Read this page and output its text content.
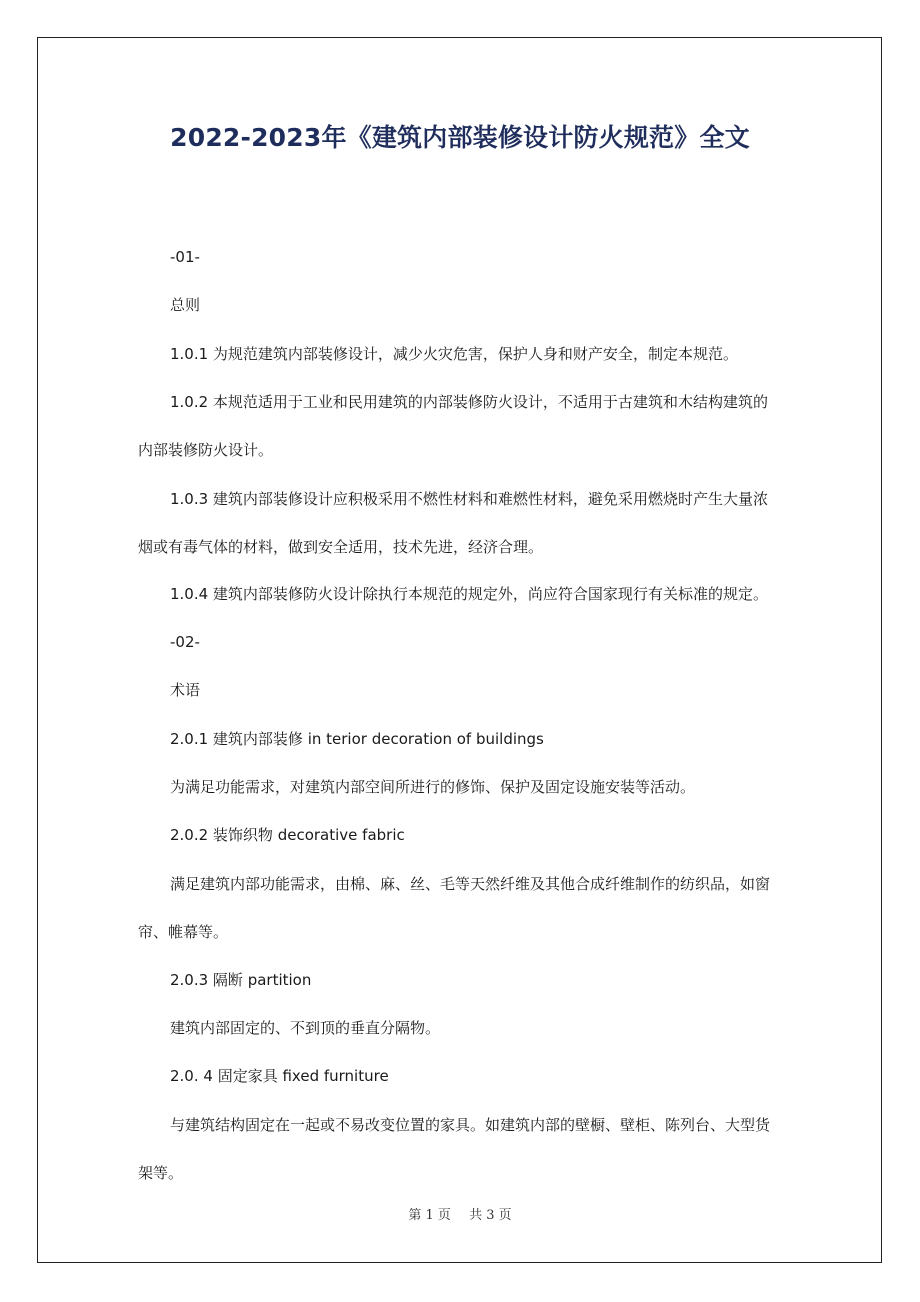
2022-2023年《建筑内部装修设计防火规范》全文
-01-
总则
1.0.1 为规范建筑内部装修设计，减少火灾危害，保护人身和财产安全，制定本规范。
1.0.2 本规范适用于工业和民用建筑的内部装修防火设计，不适用于古建筑和木结构建筑的
内部装修防火设计。
1.0.3 建筑内部装修设计应积极采用不燃性材料和难燃性材料，避免采用燃烧时产生大量浓
烟或有毒气体的材料，做到安全适用，技术先进，经济合理。
1.0.4 建筑内部装修防火设计除执行本规范的规定外，尚应符合国家现行有关标准的规定。
-02-
术语
2.0.1 建筑内部装修 in terior decoration of buildings
为满足功能需求，对建筑内部空间所进行的修饰、保护及固定设施安装等活动。
2.0.2 装饰织物 decorative fabric
满足建筑内部功能需求，由棉、麻、丝、毛等天然纤维及其他合成纤维制作的纺织品，如窗
帘、帷幕等。
2.0.3 隔断 partition
建筑内部固定的、不到顶的垂直分隔物。
2.0. 4 固定家具 fixed furniture
与建筑结构固定在一起或不易改变位置的家具。如建筑内部的壁橱、壁柜、陈列台、大型货
架等。
第 1 页 共 3 页
